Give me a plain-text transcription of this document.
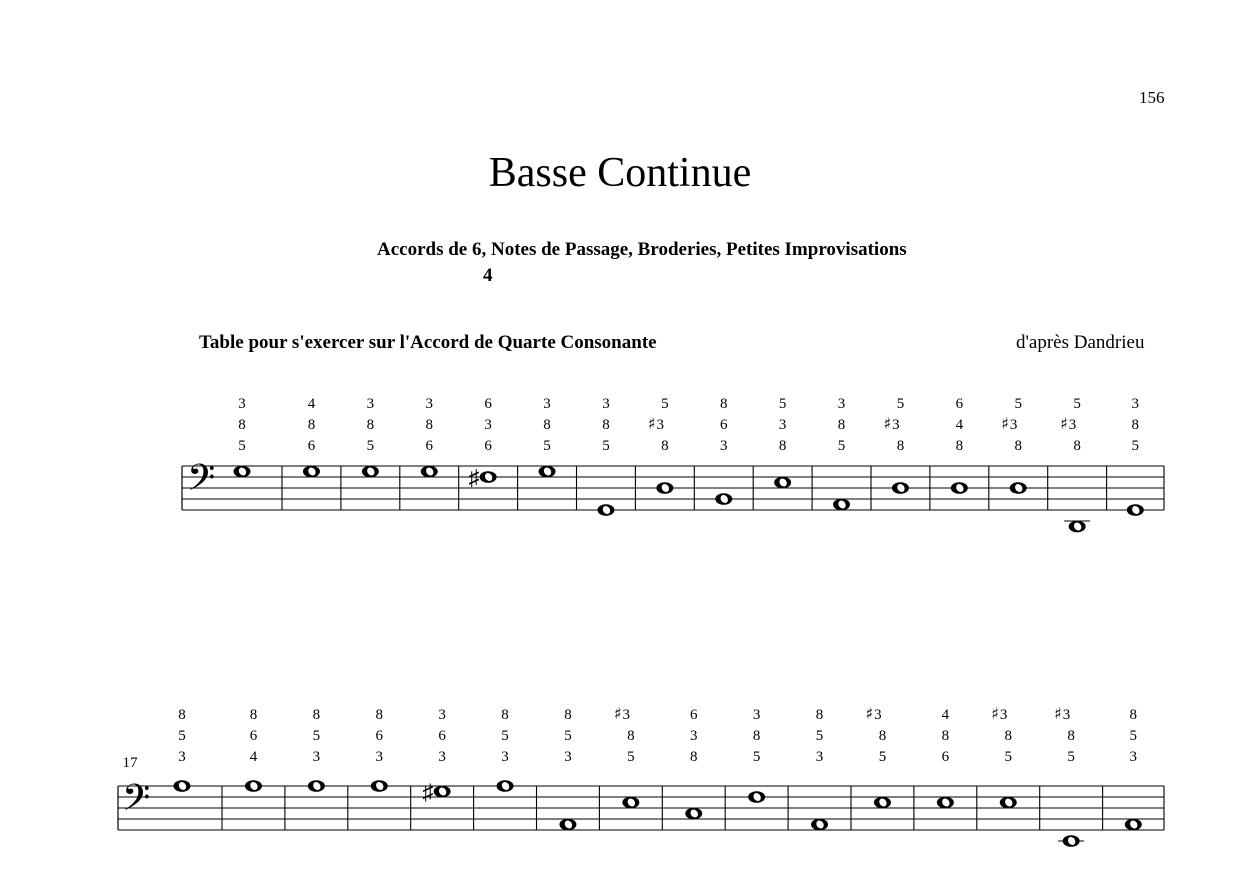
156
Basse Continue
Accords de 6, Notes de Passage, Broderies, Petites Improvisations
4
Table pour s'exercer sur l'Accord de Quarte Consonante	d'après Dandrieu
𝄢
3
8
5
4
8
6
3
8
5
3
8
6
♯
6
3
6
3
8
5
3
8
5
5
♯3
8
8
6
3
5
3
8
3
8
5
5
♯3
8
6
4
8
5
♯3
8
5
♯3
8
3
8
5
𝄢
17
8
5
3
8
6
4
8
5
3
8
6
3
♯
3
6
3
8
5
3
8
5
3
♯3
8
5
6
3
8
3
8
5
8
5
3
♯3
8
5
4
8
6
♯3
8
5
♯3
8
5
8
5
3
